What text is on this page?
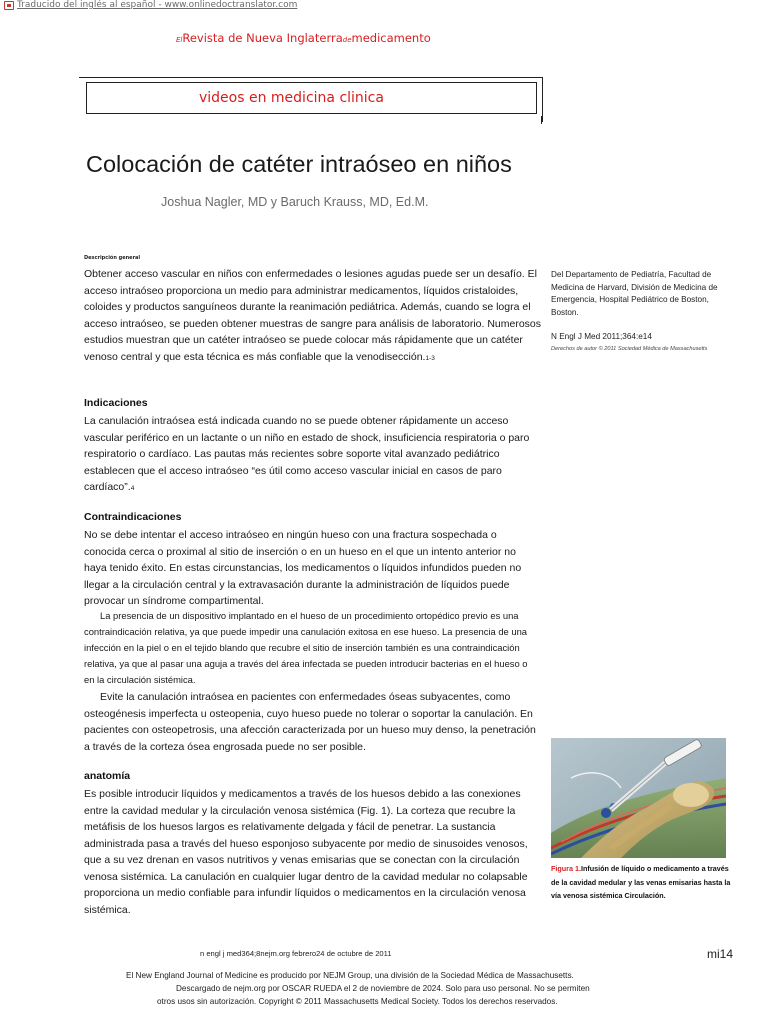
Traducido del inglés al español - www.onlinedoctranslator.com
ElRevista de Nueva Inglaterrademedicamento
videos en medicina clinica
Colocación de catéter intraóseo en niños
Joshua Nagler, MD y Baruch Krauss, MD, Ed.M.
Descripción general
Obtener acceso vascular en niños con enfermedades o lesiones agudas puede ser un desafío. El acceso intraóseo proporciona un medio para administrar medicamentos, líquidos cristaloides, coloides y productos sanguíneos durante la reanimación pediátrica. Además, cuando se logra el acceso intraóseo, se pueden obtener muestras de sangre para análisis de laboratorio. Numerosos estudios muestran que un catéter intraóseo se puede colocar más rápidamente que un catéter venoso central y que esta técnica es más confiable que la venodisección.1-3
Del Departamento de Pediatría, Facultad de Medicina de Harvard, División de Medicina de Emergencia, Hospital Pediátrico de Boston, Boston.
N Engl J Med 2011;364:e14
Derechos de autor © 2011 Sociedad Médica de Massachusetts
Indicaciones
La canulación intraósea está indicada cuando no se puede obtener rápidamente un acceso vascular periférico en un lactante o un niño en estado de shock, insuficiencia respiratoria o paro respiratorio o cardíaco. Las pautas más recientes sobre soporte vital avanzado pediátrico establecen que el acceso intraóseo “es útil como acceso vascular inicial en casos de paro cardíaco”.4
Contraindicaciones
No se debe intentar el acceso intraóseo en ningún hueso con una fractura sospechada o conocida cerca o proximal al sitio de inserción o en un hueso en el que un intento anterior no haya tenido éxito. En estas circunstancias, los medicamentos o líquidos infundidos pueden no llegar a la circulación central y la extravasación durante la administración de líquidos puede provocar un síndrome compartimental.
La presencia de un dispositivo implantado en el hueso de un procedimiento ortopédico previo es una contraindicación relativa, ya que puede impedir una canulación exitosa en ese hueso. La presencia de una infección en la piel o en el tejido blando que recubre el sitio de inserción también es una contraindicación relativa, ya que al pasar una aguja a través del área infectada se pueden introducir bacterias en el hueso o en la circulación sistémica.
Evite la canulación intraósea en pacientes con enfermedades óseas subyacentes, como osteogénesis imperfecta u osteopenia, cuyo hueso puede no tolerar o soportar la canulación. En pacientes con osteopetrosis, una afección caracterizada por un hueso muy denso, la penetración a través de la corteza ósea engrosada puede no ser posible.
anatomía
Es posible introducir líquidos y medicamentos a través de los huesos debido a las conexiones entre la cavidad medular y la circulación venosa sistémica (Fig. 1). La corteza que recubre la metáfisis de los huesos largos es relativamente delgada y fácil de penetrar. La sustancia administrada pasa a través del hueso esponjoso subyacente por medio de sinusoides venosos, que a su vez drenan en vasos nutritivos y venas emisarias que se conectan con la circulación venosa sistémica. La canulación en cualquier lugar dentro de la cavidad medular no colapsable proporciona un medio confiable para infundir líquidos o medicamentos en la circulación venosa sistémica.
Figura 1.Infusión de líquido o medicamento a través de la cavidad medular y las venas emisarias hasta la vía venosa sistémica Circulación.
n engl j med364;8nejm.org febrero24 de octubre de 2011	mi14
El New England Journal of Medicine es producido por NEJM Group, una división de la Sociedad Médica de Massachusetts.
Descargado de nejm.org por OSCAR RUEDA el 2 de noviembre de 2024. Solo para uso personal. No se permiten
otros usos sin autorización. Copyright © 2011 Massachusetts Medical Society. Todos los derechos reservados.
